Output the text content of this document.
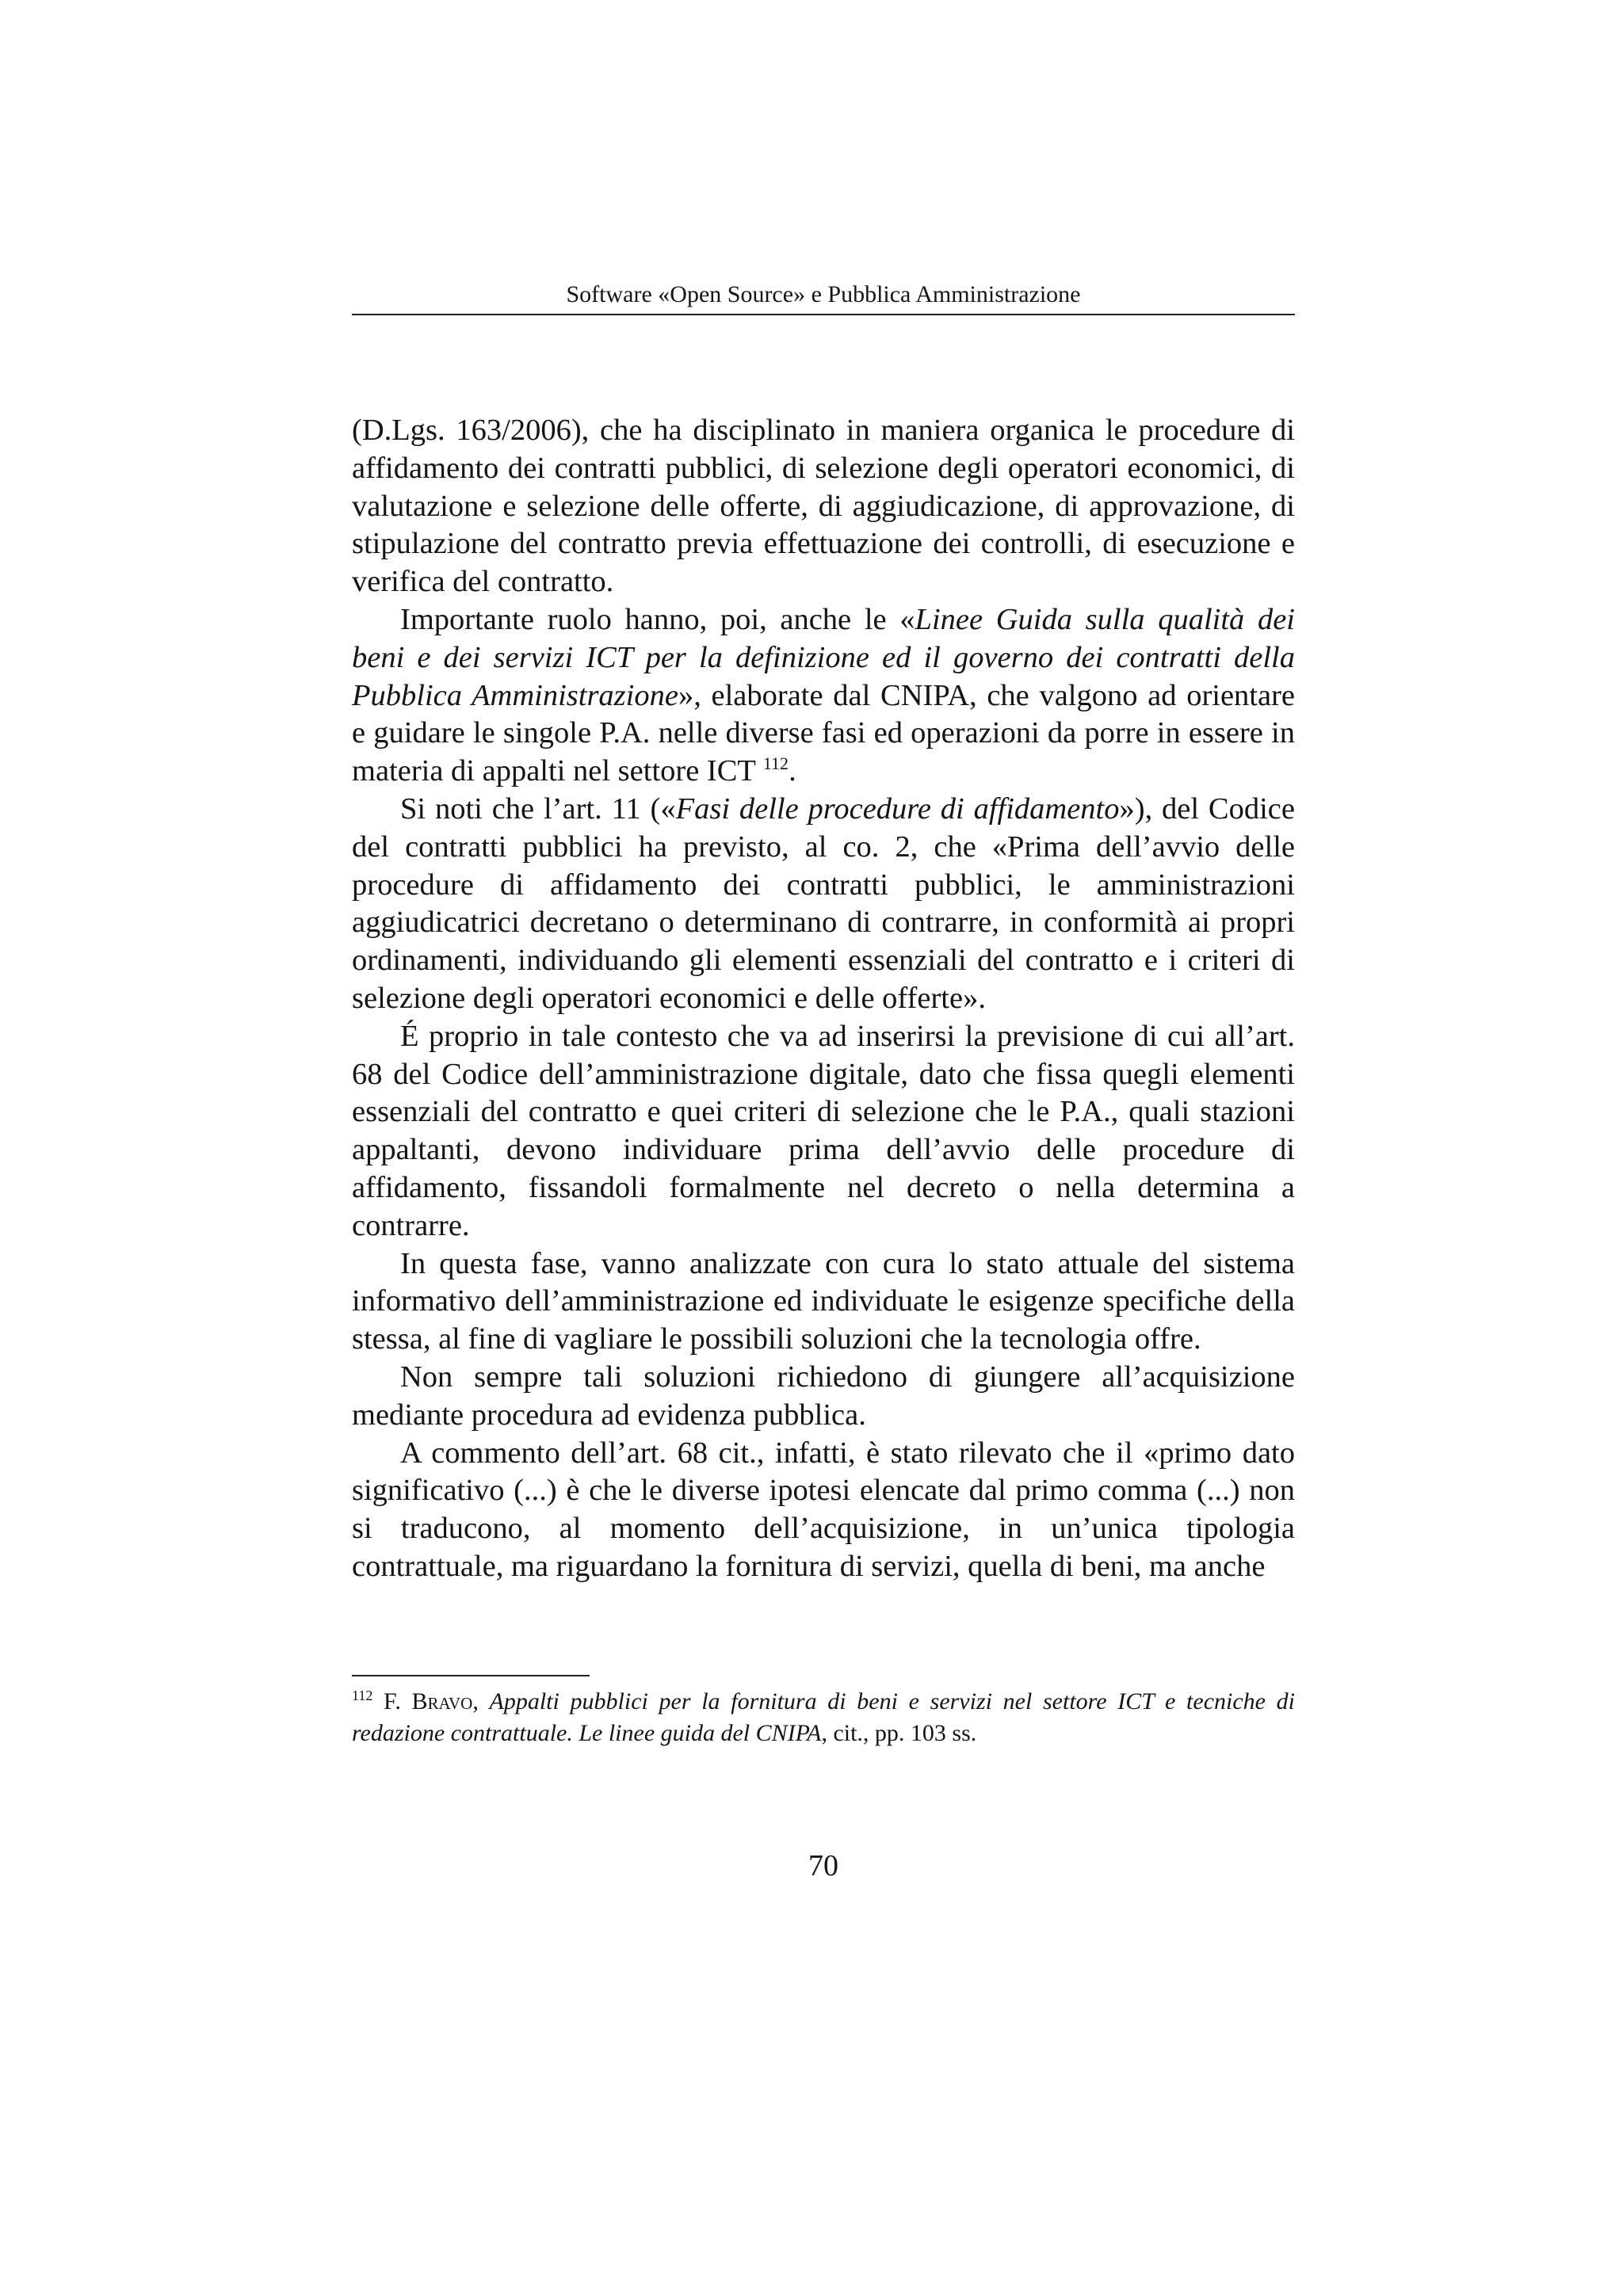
Software «Open Source» e Pubblica Amministrazione

(D.Lgs. 163/2006), che ha disciplinato in maniera organica le procedure di affidamento dei contratti pubblici, di selezione degli operatori economici, di valutazione e selezione delle offerte, di aggiudicazione, di approvazione, di stipulazione del contratto previa effettuazione dei controlli, di esecuzione e verifica del contratto.

Importante ruolo hanno, poi, anche le «Linee Guida sulla qualità dei beni e dei servizi ICT per la definizione ed il governo dei contratti della Pubblica Amministrazione», elaborate dal CNIPA, che valgono ad orientare e guidare le singole P.A. nelle diverse fasi ed operazioni da porre in essere in materia di appalti nel settore ICT $^{112}$.

Si noti che l’art. 11 («Fasi delle procedure di affidamento»), del Codice del contratti pubblici ha previsto, al co. 2, che «Prima dell’avvio delle procedure di affidamento dei contratti pubblici, le amministrazioni aggiudicatrici decretano o determinano di contrarre, in conformità ai propri ordinamenti, individuando gli elementi essenziali del contratto e i criteri di selezione degli operatori economici e delle offerte».

É proprio in tale contesto che va ad inserirsi la previsione di cui all’art. 68 del Codice dell’amministrazione digitale, dato che fissa quegli elementi essenziali del contratto e quei criteri di selezione che le P.A., quali stazioni appaltanti, devono individuare prima dell’avvio delle procedure di affidamento, fissandoli formalmente nel decreto o nella determina a contrarre.

In questa fase, vanno analizzate con cura lo stato attuale del sistema informativo dell’amministrazione ed individuate le esigenze specifiche della stessa, al fine di vagliare le possibili soluzioni che la tecnologia offre.

Non sempre tali soluzioni richiedono di giungere all’acquisizione mediante procedura ad evidenza pubblica.

A commento dell’art. 68 cit., infatti, è stato rilevato che il «primo dato significativo (...) è che le diverse ipotesi elencate dal primo comma (...) non si traducono, al momento dell’acquisizione, in un’unica tipologia contrattuale, ma riguardano la fornitura di servizi, quella di beni, ma anche

$^{112}$ F. Bravo, Appalti pubblici per la fornitura di beni e servizi nel settore ICT e tecniche di redazione contrattuale. Le linee guida del CNIPA, cit., pp. 103 ss.

70
